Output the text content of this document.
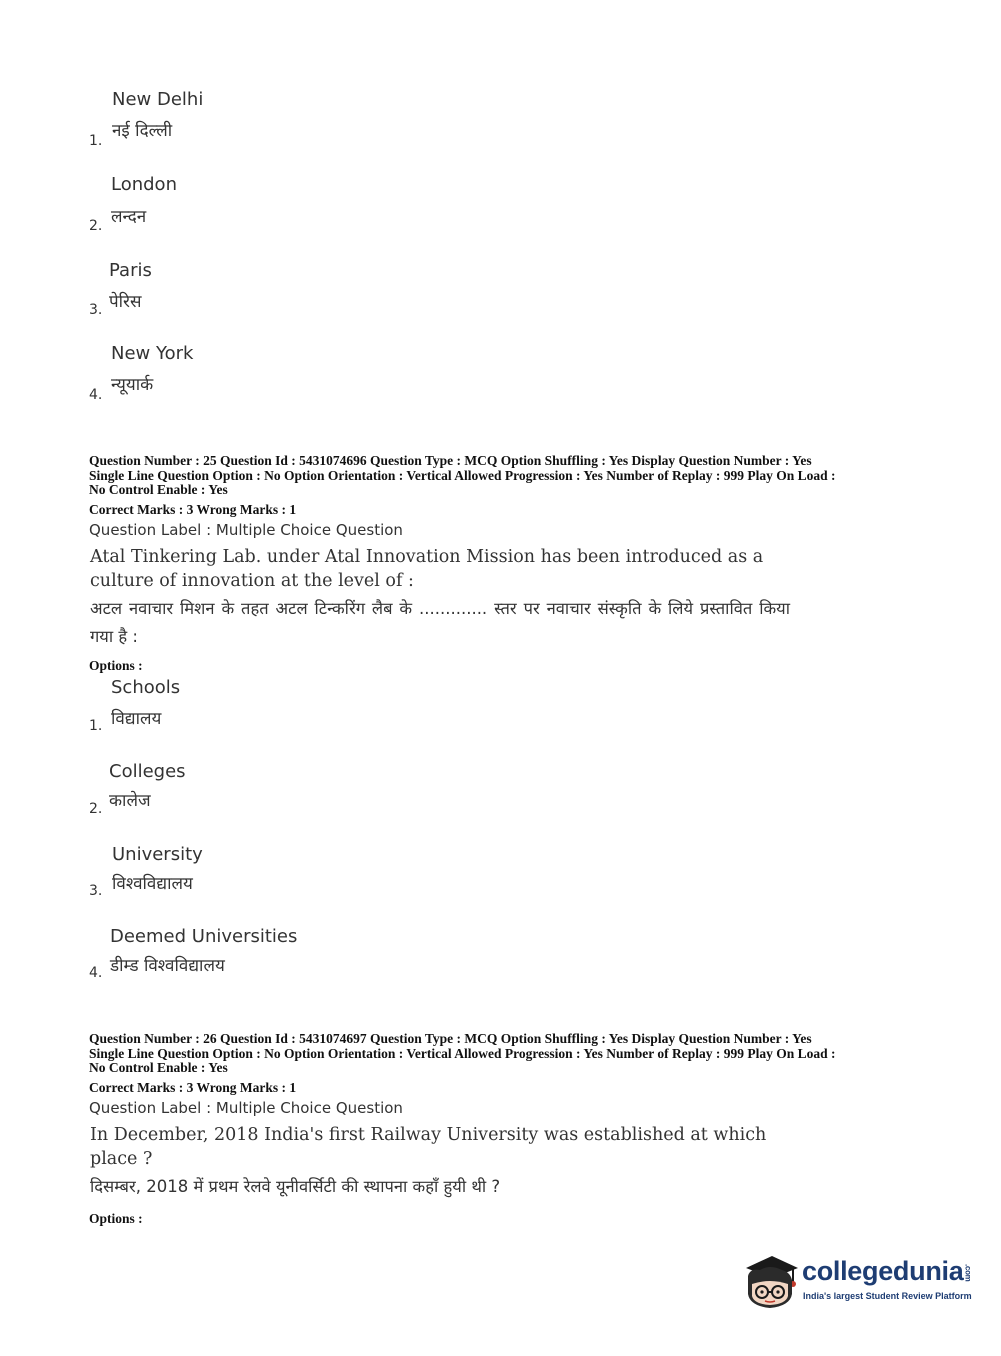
New Delhi
नई दिल्ली
1.
London
लन्दन
2.
Paris
पेरिस
3.
New York
न्यूयार्क
4.
Question Number : 25 Question Id : 5431074696 Question Type : MCQ Option Shuffling : Yes Display Question Number : Yes
Single Line Question Option : No Option Orientation : Vertical Allowed Progression : Yes Number of Replay : 999 Play On Load :
No Control Enable : Yes
Correct Marks : 3 Wrong Marks : 1
Question Label : Multiple Choice Question
Atal Tinkering Lab. under Atal Innovation Mission has been introduced as a culture of innovation at the level of :
अटल नवाचार मिशन के तहत अटल टिन्करिंग लैब के ............. स्तर पर नवाचार संस्कृति के लिये प्रस्तावित किया गया है :
Options :
Schools
विद्यालय
1.
Colleges
कालेज
2.
University
विश्वविद्यालय
3.
Deemed Universities
डीम्ड विश्वविद्यालय
4.
Question Number : 26 Question Id : 5431074697 Question Type : MCQ Option Shuffling : Yes Display Question Number : Yes
Single Line Question Option : No Option Orientation : Vertical Allowed Progression : Yes Number of Replay : 999 Play On Load :
No Control Enable : Yes
Correct Marks : 3 Wrong Marks : 1
Question Label : Multiple Choice Question
In December, 2018 India's first Railway University was established at which place ?
दिसम्बर, 2018 में प्रथम रेलवे यूनीवर्सिटी की स्थापना कहाँ हुयी थी ?
Options :
collegedunia.com
India's largest Student Review Platform
